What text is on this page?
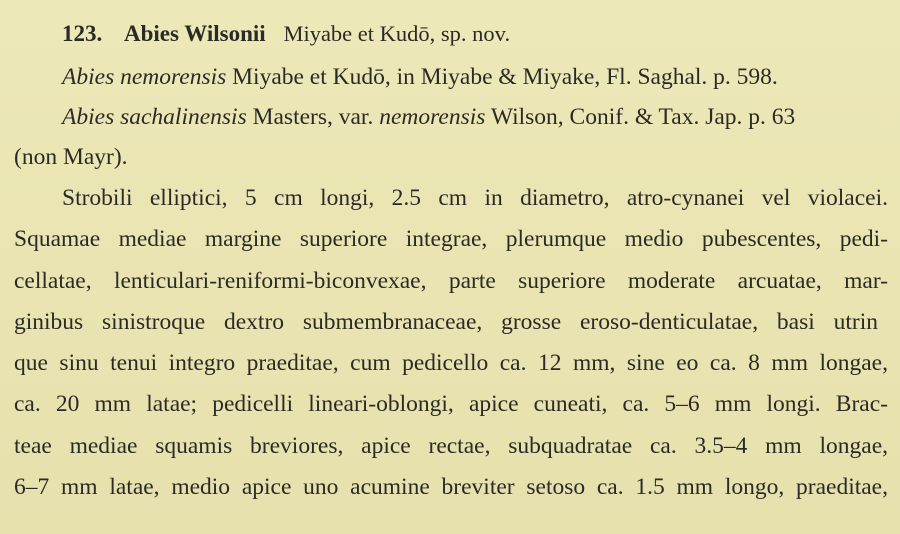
123. Abies Wilsonii Miyabe et Kudō, sp. nov.
Abies nemorensis Miyabe et Kudō, in Miyabe & Miyake, Fl. Saghal. p. 598.
Abies sachalinensis Masters, var. nemorensis Wilson, Conif. & Tax. Jap. p. 63
(non Mayr).
Strobili elliptici, 5 cm longi, 2.5 cm in diametro, atro-cynanei vel violacei.
Squamae mediae margine superiore integrae, plerumque medio pubescentes, pedi-
cellatae, lenticulari-reniformi-biconvexae, parte superiore moderate arcuatae, mar-
ginibus sinistroque dextro submembranaceae, grosse eroso-denticulatae, basi utrin
que sinu tenui integro praeditae, cum pedicello ca. 12 mm, sine eo ca. 8 mm longae,
ca. 20 mm latae; pedicelli lineari-oblongi, apice cuneati, ca. 5–6 mm longi. Brac-
teae mediae squamis breviores, apice rectae, subquadratae ca. 3.5–4 mm longae,
6–7 mm latae, medio apice uno acumine breviter setoso ca. 1.5 mm longo, praeditae,
